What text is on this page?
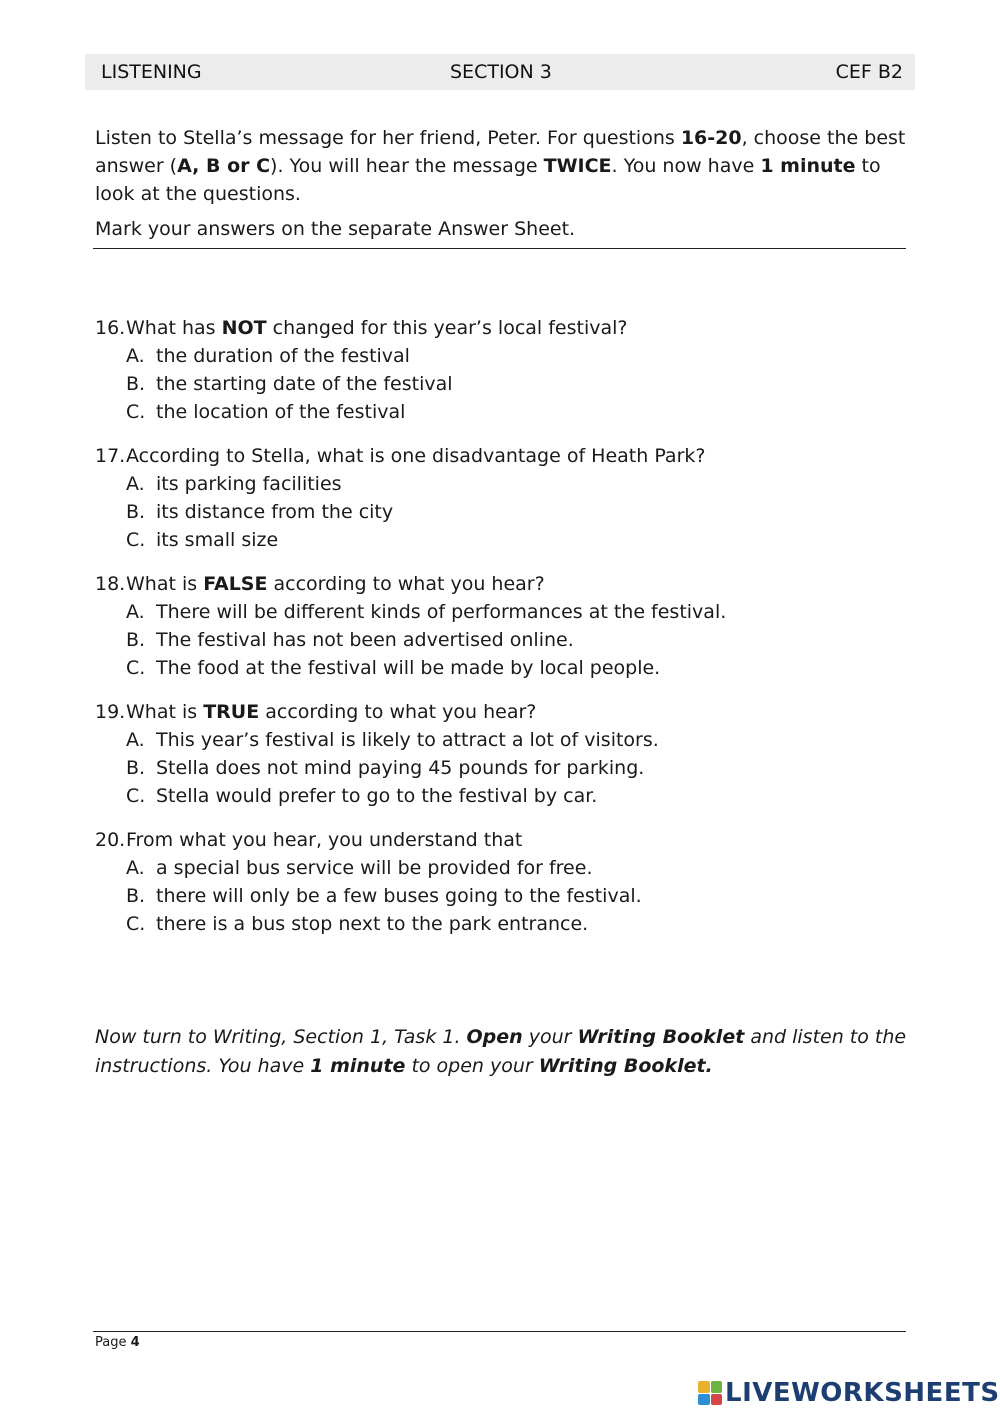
LISTENING	SECTION 3	CEF B2

Listen to Stella’s message for her friend, Peter. For questions 16-20, choose the best answer (A, B or C). You will hear the message TWICE. You now have 1 minute to look at the questions.

Mark your answers on the separate Answer Sheet.

16. What has NOT changed for this year’s local festival?
A. the duration of the festival
B. the starting date of the festival
C. the location of the festival
17. According to Stella, what is one disadvantage of Heath Park?
A. its parking facilities
B. its distance from the city
C. its small size
18. What is FALSE according to what you hear?
A. There will be different kinds of performances at the festival.
B. The festival has not been advertised online.
C. The food at the festival will be made by local people.
19. What is TRUE according to what you hear?
A. This year’s festival is likely to attract a lot of visitors.
B. Stella does not mind paying 45 pounds for parking.
C. Stella would prefer to go to the festival by car.
20. From what you hear, you understand that
A. a special bus service will be provided for free.
B. there will only be a few buses going to the festival.
C. there is a bus stop next to the park entrance.

Now turn to Writing, Section 1, Task 1. Open your Writing Booklet and listen to the instructions. You have 1 minute to open your Writing Booklet.

Page 4
LIVEWORKSHEETS
